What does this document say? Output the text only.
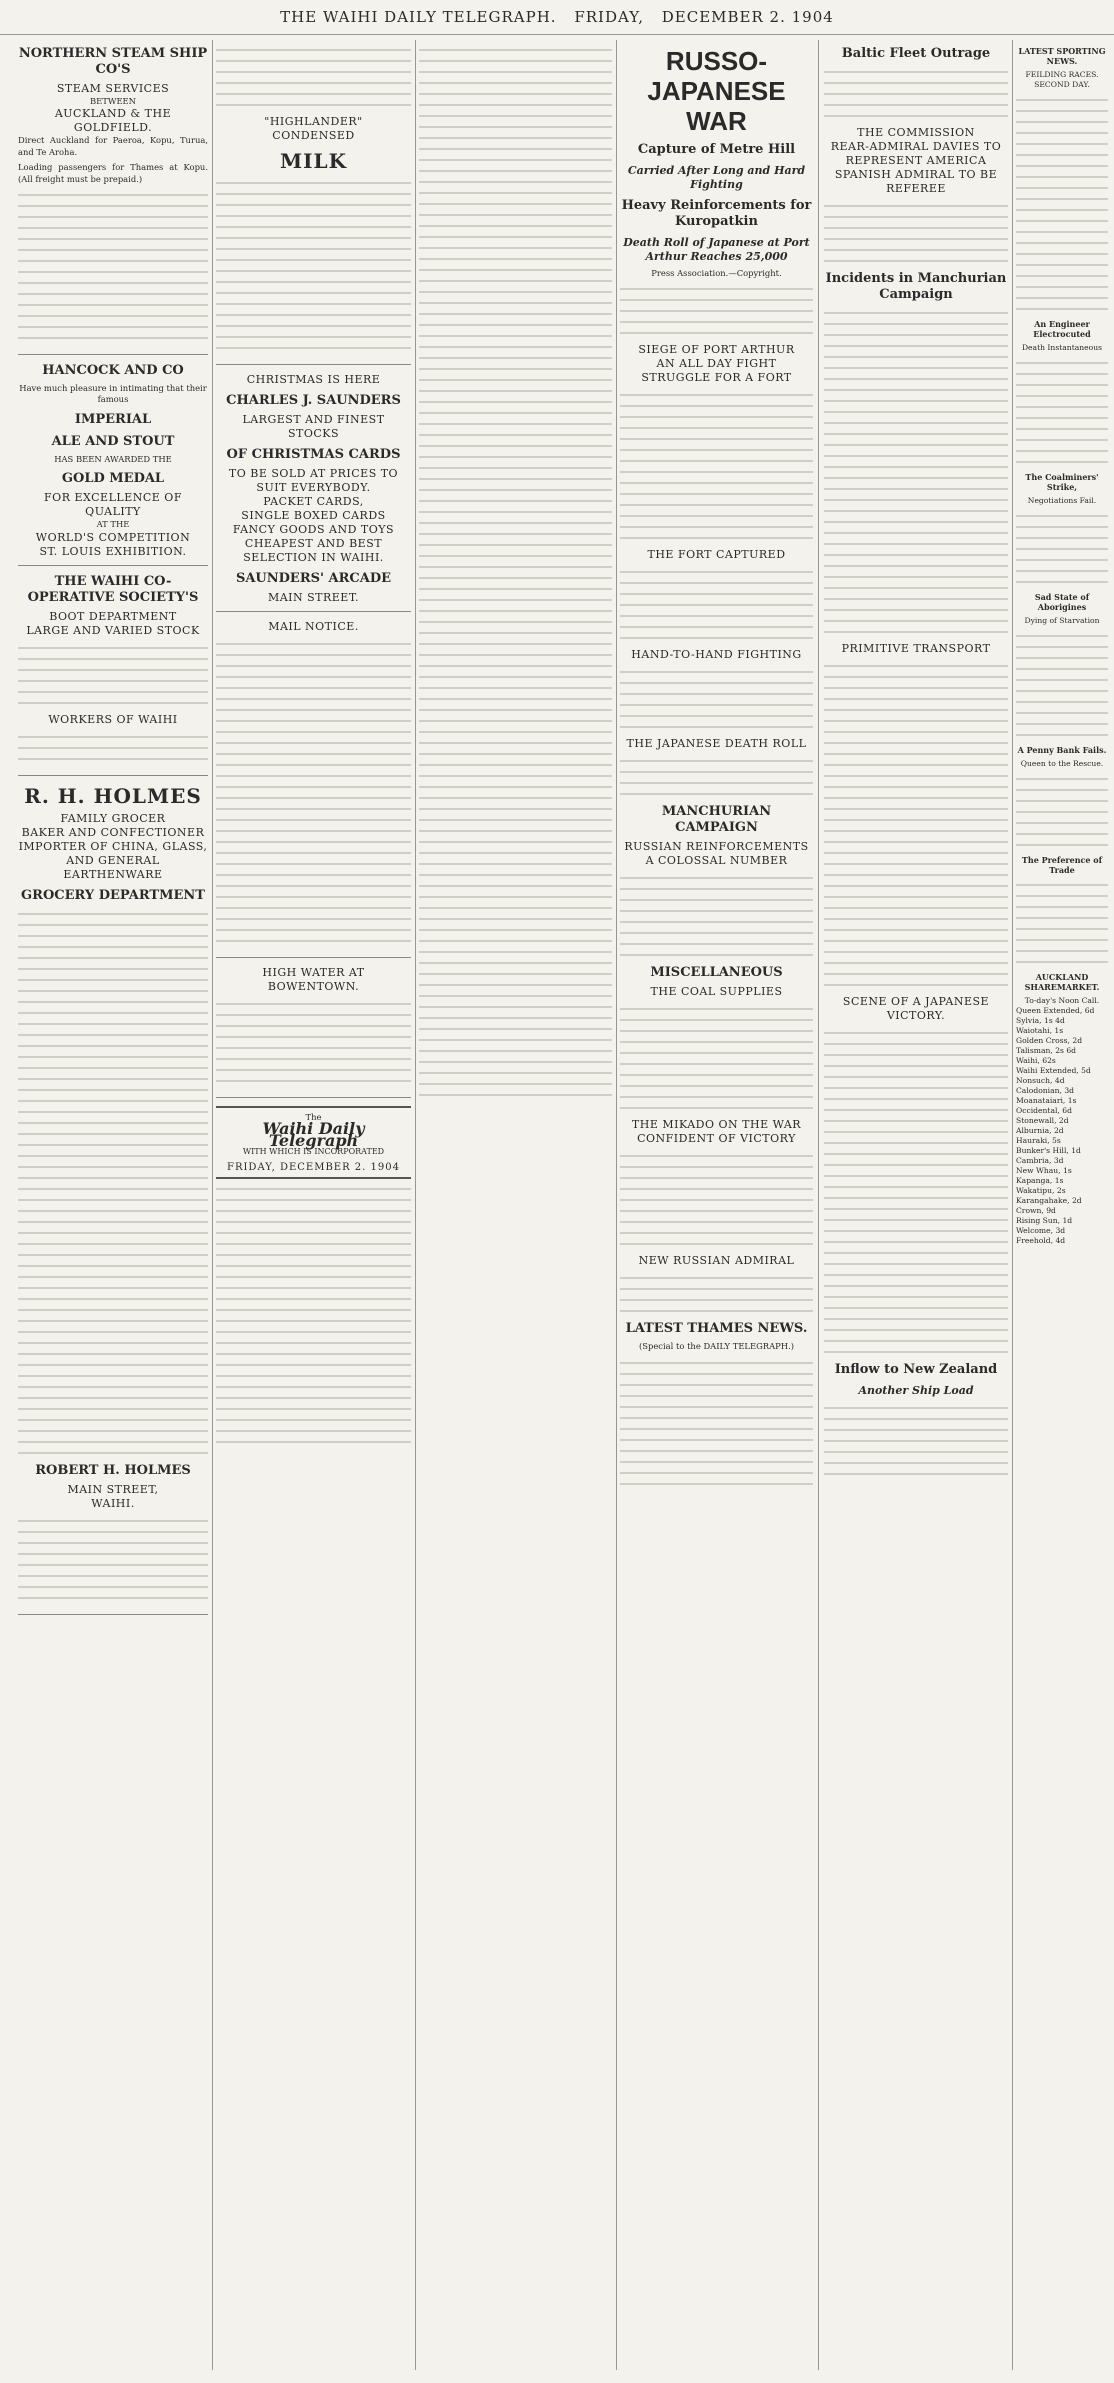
THE WAIHI DAILY TELEGRAPH. FRIDAY, DECEMBER 2. 1904
NORTHERN STEAM SHIP CO'S
STEAM SERVICES
BETWEEN
AUCKLAND & THE GOLDFIELD.

Direct Auckland for Paeroa, Kopu, Turua, and Te Aroha.

Loading passengers for Thames at Kopu. (All freight must be prepaid.)

HANCOCK AND CO

Have much pleasure in intimating that their famous

IMPERIAL
ALE AND STOUT
HAS BEEN AWARDED THE
GOLD MEDAL
FOR EXCELLENCE OF QUALITY
AT THE
WORLD'S COMPETITION
ST. LOUIS EXHIBITION.
THE WAIHI CO-OPERATIVE SOCIETY'S
BOOT DEPARTMENT
LARGE AND VARIED STOCK
WORKERS OF WAIHI
R. H. HOLMES
FAMILY GROCER
BAKER AND CONFECTIONER
IMPORTER OF CHINA, GLASS, AND GENERAL EARTHENWARE
GROCERY DEPARTMENT
ROBERT H. HOLMES
MAIN STREET,
WAIHI.
"HIGHLANDER"
CONDENSED
MILK
CHRISTMAS IS HERE
CHARLES J. SAUNDERS
LARGEST AND FINEST STOCKS
OF CHRISTMAS CARDS
TO BE SOLD AT PRICES TO SUIT EVERYBODY.
PACKET CARDS,
SINGLE BOXED CARDS
FANCY GOODS AND TOYS
CHEAPEST AND BEST SELECTION IN WAIHI.
SAUNDERS' ARCADE
MAIN STREET.
MAIL NOTICE.
HIGH WATER AT BOWENTOWN.
The
Waihi Daily Telegraph
WITH WHICH IS INCORPORATED
FRIDAY, DECEMBER 2. 1904
RUSSO-JAPANESE WAR
Capture of Metre Hill
Carried After Long and Hard Fighting
Heavy Reinforcements for Kuropatkin
Death Roll of Japanese at Port Arthur Reaches 25,000
Press Association.—Copyright.
SIEGE OF PORT ARTHUR
AN ALL DAY FIGHT
STRUGGLE FOR A FORT
THE FORT CAPTURED
HAND-TO-HAND FIGHTING
THE JAPANESE DEATH ROLL
MANCHURIAN CAMPAIGN
RUSSIAN REINFORCEMENTS
A COLOSSAL NUMBER
MISCELLANEOUS
THE COAL SUPPLIES
THE MIKADO ON THE WAR
CONFIDENT OF VICTORY
NEW RUSSIAN ADMIRAL
LATEST THAMES NEWS.
(Special to the DAILY TELEGRAPH.)
Baltic Fleet Outrage
THE COMMISSION
REAR-ADMIRAL DAVIES TO REPRESENT AMERICA
SPANISH ADMIRAL TO BE REFEREE
Incidents in Manchurian Campaign
PRIMITIVE TRANSPORT
SCENE OF A JAPANESE VICTORY.
Inflow to New Zealand
Another Ship Load
LATEST SPORTING NEWS.
FEILDING RACES.
SECOND DAY.
An Engineer Electrocuted
Death Instantaneous
The Coalminers' Strike,
Negotiations Fail.
Sad State of Aborigines
Dying of Starvation
A Penny Bank Fails.
Queen to the Rescue.
The Preference of Trade
AUCKLAND SHAREMARKET.
To-day's Noon Call.
Queen Extended, 6d
Sylvia, 1s 4d
Waiotahi, 1s
Golden Cross, 2d
Talisman, 2s 6d
Waihi, 62s
Waihi Extended, 5d
Nonsuch, 4d
Calodonian, 3d
Moanataiari, 1s
Occidental, 6d
Stonewall, 2d
Alburnia, 2d
Hauraki, 5s
Bunker's Hill, 1d
Cambria, 3d
New Whau, 1s
Kapanga, 1s
Wakatipu, 2s
Karangahake, 2d
Crown, 9d
Rising Sun, 1d
Welcome, 3d
Freehold, 4d
